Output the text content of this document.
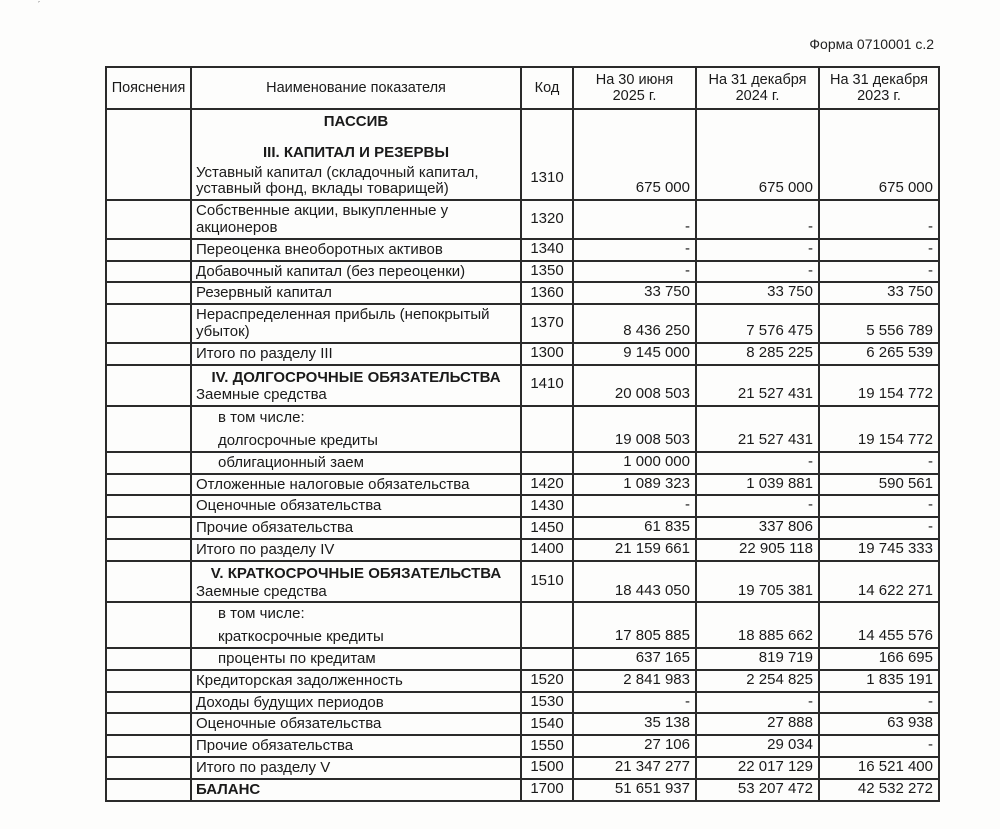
ˊ
Форма 0710001 с.2
Пояснения	Наименование показателя	Код	На 30 июня 2025 г.	На 31 декабря 2024 г.	На 31 декабря 2023 г.

	ПАССИВ
III. КАПИТАЛ И РЕЗЕРВЫ
Уставный капитал (складочный капитал, уставный фонд, вклады товарищей)	1310	675 000	675 000	675 000

	Собственные акции, выкупленные у акционеров	1320	-	-	-

	Переоценка внеоборотных активов	1340	-	-	-

	Добавочный капитал (без переоценки)	1350	-	-	-

	Резервный капитал	1360	33 750	33 750	33 750

	Нераспределенная прибыль (непокрытый убыток)	1370	8 436 250	7 576 475	5 556 789

	Итого по разделу III	1300	9 145 000	8 285 225	6 265 539

	IV. ДОЛГОСРОЧНЫЕ ОБЯЗАТЕЛЬСТВА
Заемные средства	1410	20 008 503	21 527 431	19 154 772

	в том числе:
долгосрочные кредиты		19 008 503	21 527 431	19 154 772

	облигационный заем		1 000 000	-	-

	Отложенные налоговые обязательства	1420	1 089 323	1 039 881	590 561

	Оценочные обязательства	1430	-	-	-

	Прочие обязательства	1450	61 835	337 806	-

	Итого по разделу IV	1400	21 159 661	22 905 118	19 745 333

	V. КРАТКОСРОЧНЫЕ ОБЯЗАТЕЛЬСТВА
Заемные средства	1510	18 443 050	19 705 381	14 622 271

	в том числе:
краткосрочные кредиты		17 805 885	18 885 662	14 455 576

	проценты по кредитам		637 165	819 719	166 695

	Кредиторская задолженность	1520	2 841 983	2 254 825	1 835 191

	Доходы будущих периодов	1530	-	-	-

	Оценочные обязательства	1540	35 138	27 888	63 938

	Прочие обязательства	1550	27 106	29 034	-

	Итого по разделу V	1500	21 347 277	22 017 129	16 521 400

	БАЛАНС	1700	51 651 937	53 207 472	42 532 272
